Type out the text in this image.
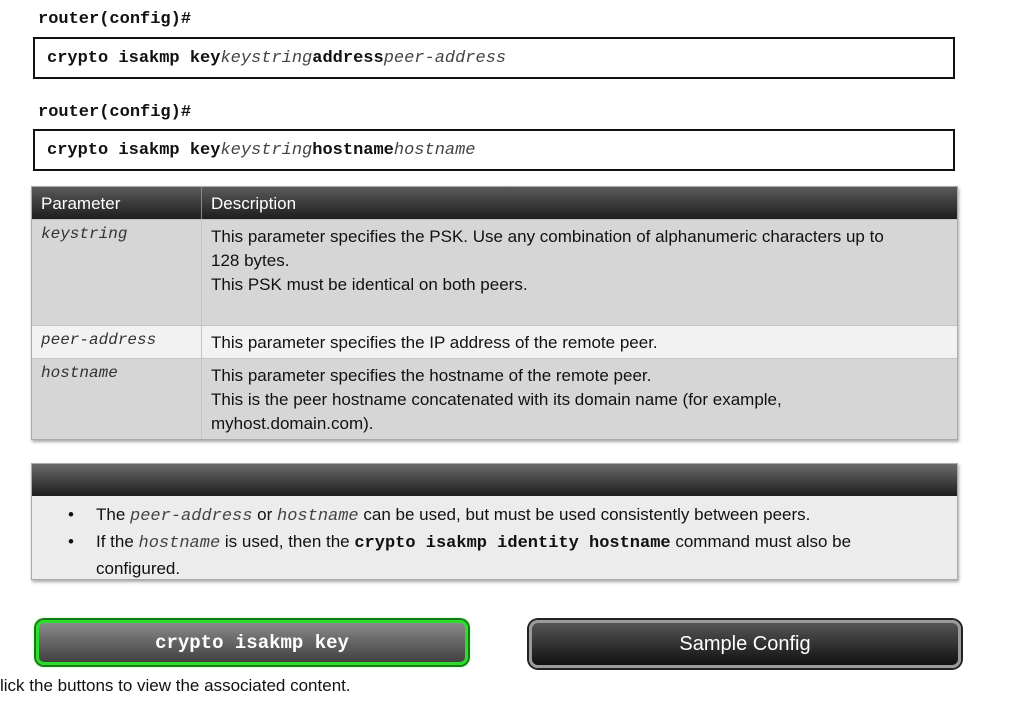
router(config)#
crypto isakmp key keystring address peer-address
router(config)#
crypto isakmp key keystring hostname hostname
Parameter	Description
keystring	This parameter specifies the PSK. Use any combination of alphanumeric characters up to
128 bytes.
This PSK must be identical on both peers.
peer-address	This parameter specifies the IP address of the remote peer.
hostname	This parameter specifies the hostname of the remote peer.
This is the peer hostname concatenated with its domain name (for example,
myhost.domain.com).
• The peer-address or hostname can be used, but must be used consistently between peers.
• If the hostname is used, then the crypto isakmp identity hostname command must also be
configured.
crypto isakmp key	Sample Config
lick the buttons to view the associated content.
